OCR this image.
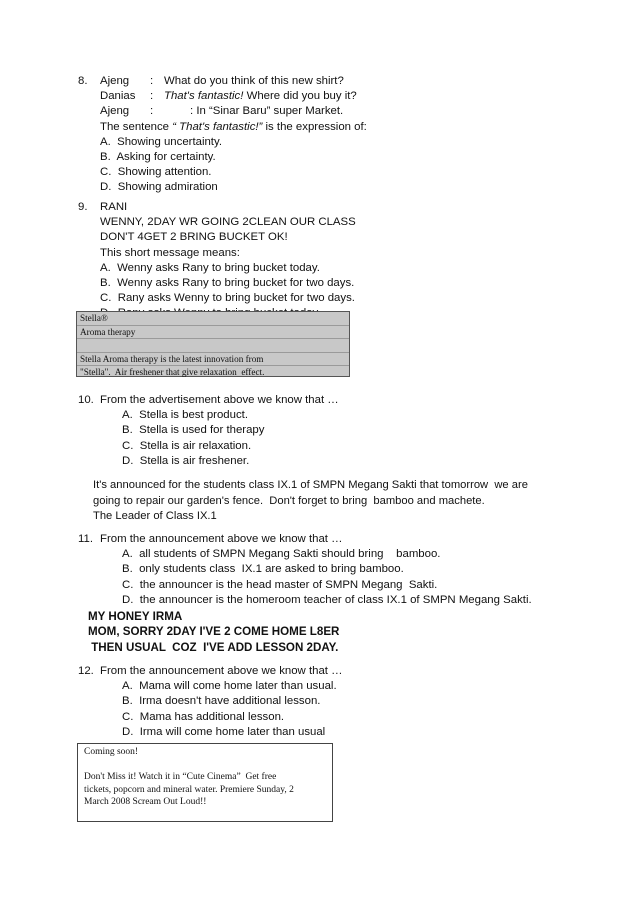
8. Ajeng	: What do you think of this new shirt?
Danias	: That's fantastic! Where did you buy it?
Ajeng	:	: In “Sinar Baru” super Market.
The sentence “ That's fantastic!” is the expression of:
A.  Showing uncertainty.
B.  Asking for certainty.
C.  Showing attention.
D.  Showing admiration
9. RANI
WENNY, 2DAY WR GOING 2CLEAN OUR CLASS
DON'T 4GET 2 BRING BUCKET OK!
This short message means:
A.  Wenny asks Rany to bring bucket today.
B.  Wenny asks Rany to bring bucket for two days.
C.  Rany asks Wenny to bring bucket for two days.
Stella®
Aroma therapy
Stella Aroma therapy is the latest innovation from
"Stella".  Air freshener that give relaxation  effect.
10. From the advertisement above we know that …
A.  Stella is best product.
B.  Stella is used for therapy
C.  Stella is air relaxation.
D.  Stella is air freshener.
It's announced for the students class IX.1 of SMPN Megang Sakti that tomorrow  we are
going to repair our garden's fence.  Don't forget to bring  bamboo and machete.
The Leader of Class IX.1
11. From the announcement above we know that …
A.  all students of SMPN Megang Sakti should bring    bamboo.
B.  only students class  IX.1 are asked to bring bamboo.
C.  the announcer is the head master of SMPN Megang  Sakti.
D.  the announcer is the homeroom teacher of class IX.1 of SMPN Megang Sakti.
MY HONEY IRMA
MOM, SORRY 2DAY I'VE 2 COME HOME L8ER
THEN USUAL  COZ  I'VE ADD LESSON 2DAY.
12. From the announcement above we know that …
A.  Mama will come home later than usual.
B.  Irma doesn't have additional lesson.
C.  Mama has additional lesson.
D.  Irma will come home later than usual
Coming soon!
Don't Miss it! Watch it in “Cute Cinema”  Get free
tickets, popcorn and mineral water. Premiere Sunday, 2
March 2008 Scream Out Loud!!
